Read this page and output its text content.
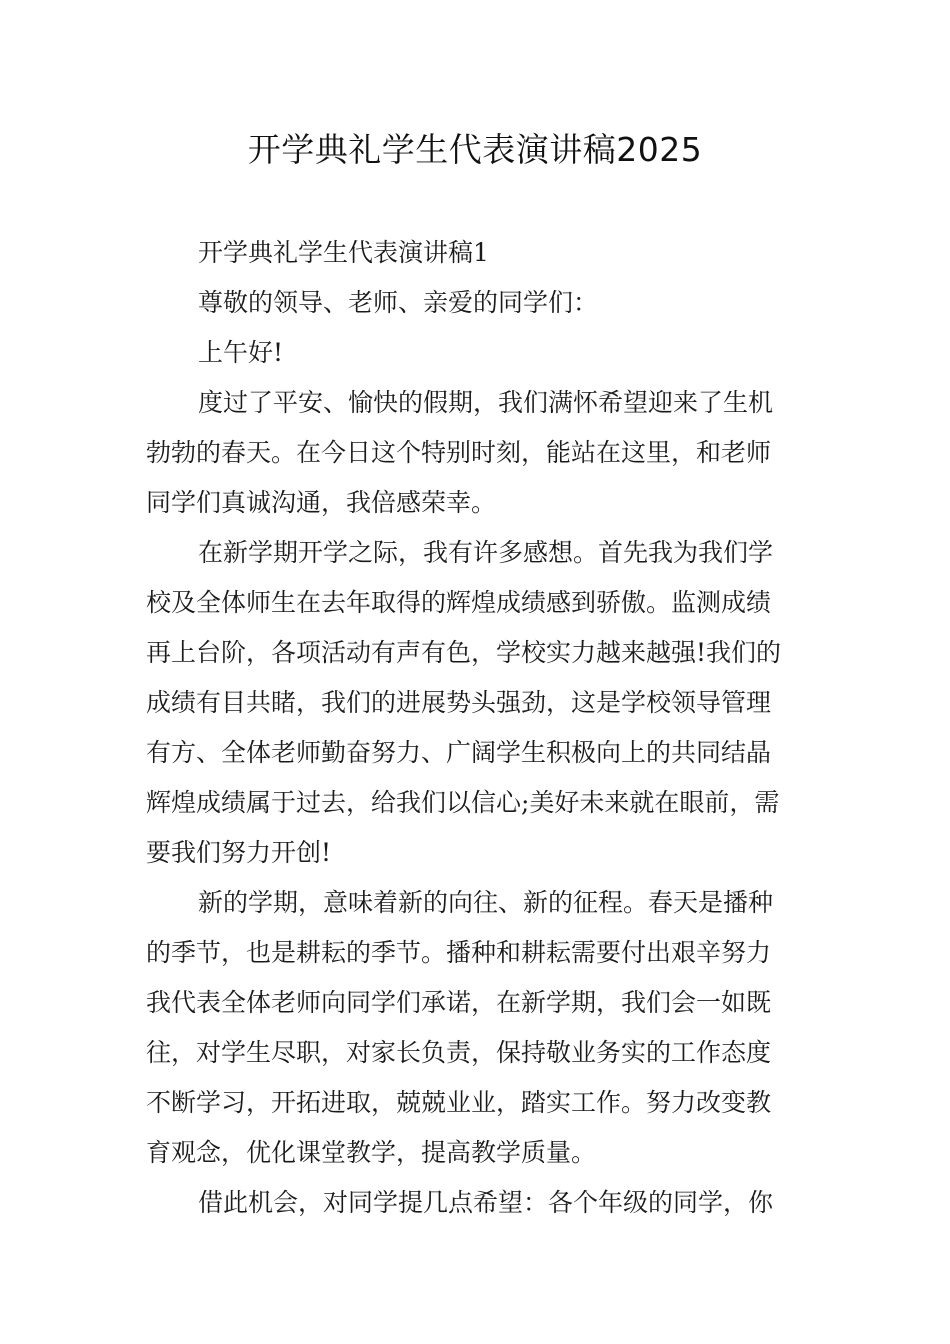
开学典礼学生代表演讲稿2025

开学典礼学生代表演讲稿1

尊敬的领导、老师、亲爱的同学们：

上午好!

度过了平安、愉快的假期，我们满怀希望迎来了生机
勃勃的春天。在今日这个特别时刻，能站在这里，和老师
同学们真诚沟通，我倍感荣幸。

在新学期开学之际，我有许多感想。首先我为我们学
校及全体师生在去年取得的辉煌成绩感到骄傲。监测成绩
再上台阶，各项活动有声有色，学校实力越来越强!我们的
成绩有目共睹，我们的进展势头强劲，这是学校领导管理
有方、全体老师勤奋努力、广阔学生积极向上的共同结晶
辉煌成绩属于过去，给我们以信心;美好未来就在眼前，需
要我们努力开创!

新的学期，意味着新的向往、新的征程。春天是播种
的季节，也是耕耘的季节。播种和耕耘需要付出艰辛努力
我代表全体老师向同学们承诺，在新学期，我们会一如既
往，对学生尽职，对家长负责，保持敬业务实的工作态度
不断学习，开拓进取，兢兢业业，踏实工作。努力改变教
育观念，优化课堂教学，提高教学质量。

借此机会，对同学提几点希望：各个年级的同学，你
